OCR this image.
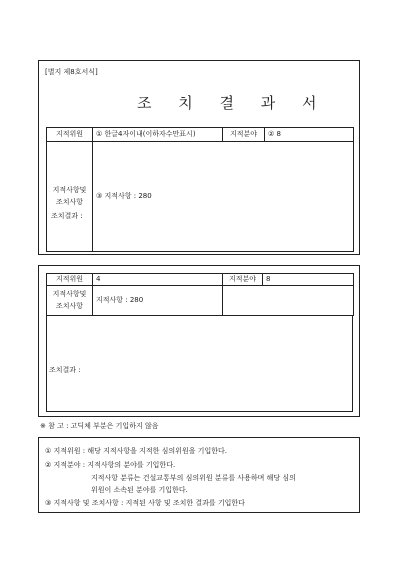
[별지 제8호서식]
조 치 결 과 서
지적위원	① 한글4자이내(이하자수만표시)	지적분야	② 8
지적사항및
조치사항	③ 지적사항 : 280		
조치결과 :
지적위원	4	지적분야	8
지적사항및
조치사항	지적사항 : 280		
조치결과 :
※ 참 고 : 고딕체 부분은 기입하지 않음
① 지적위원 : 해당 지적사항을 지적한 심의위원을 기입한다.
② 지적분야 : 지적사항의 분야를 기입한다.
지적사항 분류는 건설교통부의 심의위원 분류를 사용하며 해당 심의
위원이 소속된 분야를 기입한다.
③ 지적사항 및 조치사항 : 지적된 사항 및 조치한 결과를 기입한다
